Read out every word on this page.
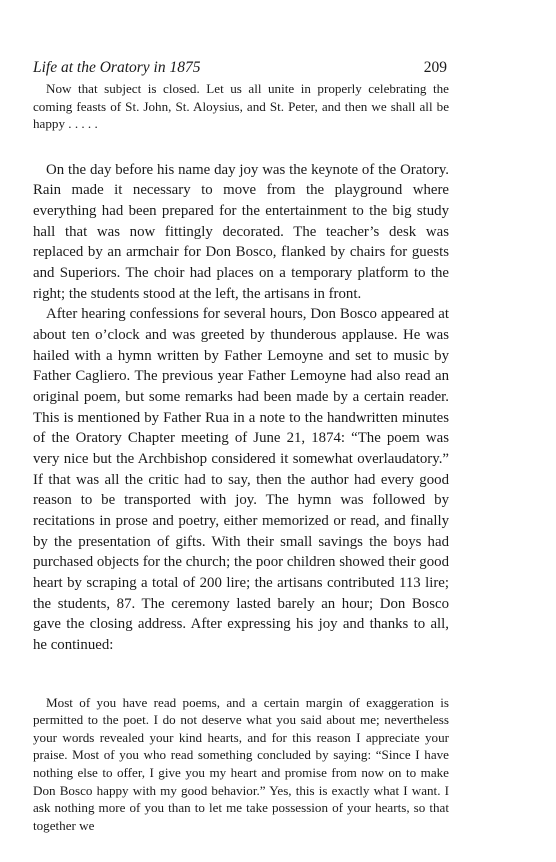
Life at the Oratory in 1875	209

Now that subject is closed. Let us all unite in properly celebrating the coming feasts of St. John, St. Aloysius, and St. Peter, and then we shall all be happy . . . . .

On the day before his name day joy was the keynote of the Oratory. Rain made it necessary to move from the playground where everything had been prepared for the entertainment to the big study hall that was now fittingly decorated. The teacher’s desk was replaced by an armchair for Don Bosco, flanked by chairs for guests and Superiors. The choir had places on a temporary platform to the right; the students stood at the left, the artisans in front.

After hearing confessions for several hours, Don Bosco appeared at about ten o’clock and was greeted by thunderous applause. He was hailed with a hymn written by Father Lemoyne and set to music by Father Cagliero. The previous year Father Lemoyne had also read an original poem, but some remarks had been made by a certain reader. This is mentioned by Father Rua in a note to the handwritten minutes of the Oratory Chapter meeting of June 21, 1874: “The poem was very nice but the Archbishop considered it somewhat overlaudatory.” If that was all the critic had to say, then the author had every good reason to be transported with joy. The hymn was followed by recitations in prose and poetry, either memorized or read, and finally by the presentation of gifts. With their small savings the boys had purchased objects for the church; the poor children showed their good heart by scraping a total of 200 lire; the artisans contributed 113 lire; the students, 87. The ceremony lasted barely an hour; Don Bosco gave the closing address. After expressing his joy and thanks to all, he continued:

Most of you have read poems, and a certain margin of exaggeration is permitted to the poet. I do not deserve what you said about me; nevertheless your words revealed your kind hearts, and for this reason I appreciate your praise. Most of you who read something concluded by saying: “Since I have nothing else to offer, I give you my heart and promise from now on to make Don Bosco happy with my good behavior.” Yes, this is exactly what I want. I ask nothing more of you than to let me take possession of your hearts, so that together we
